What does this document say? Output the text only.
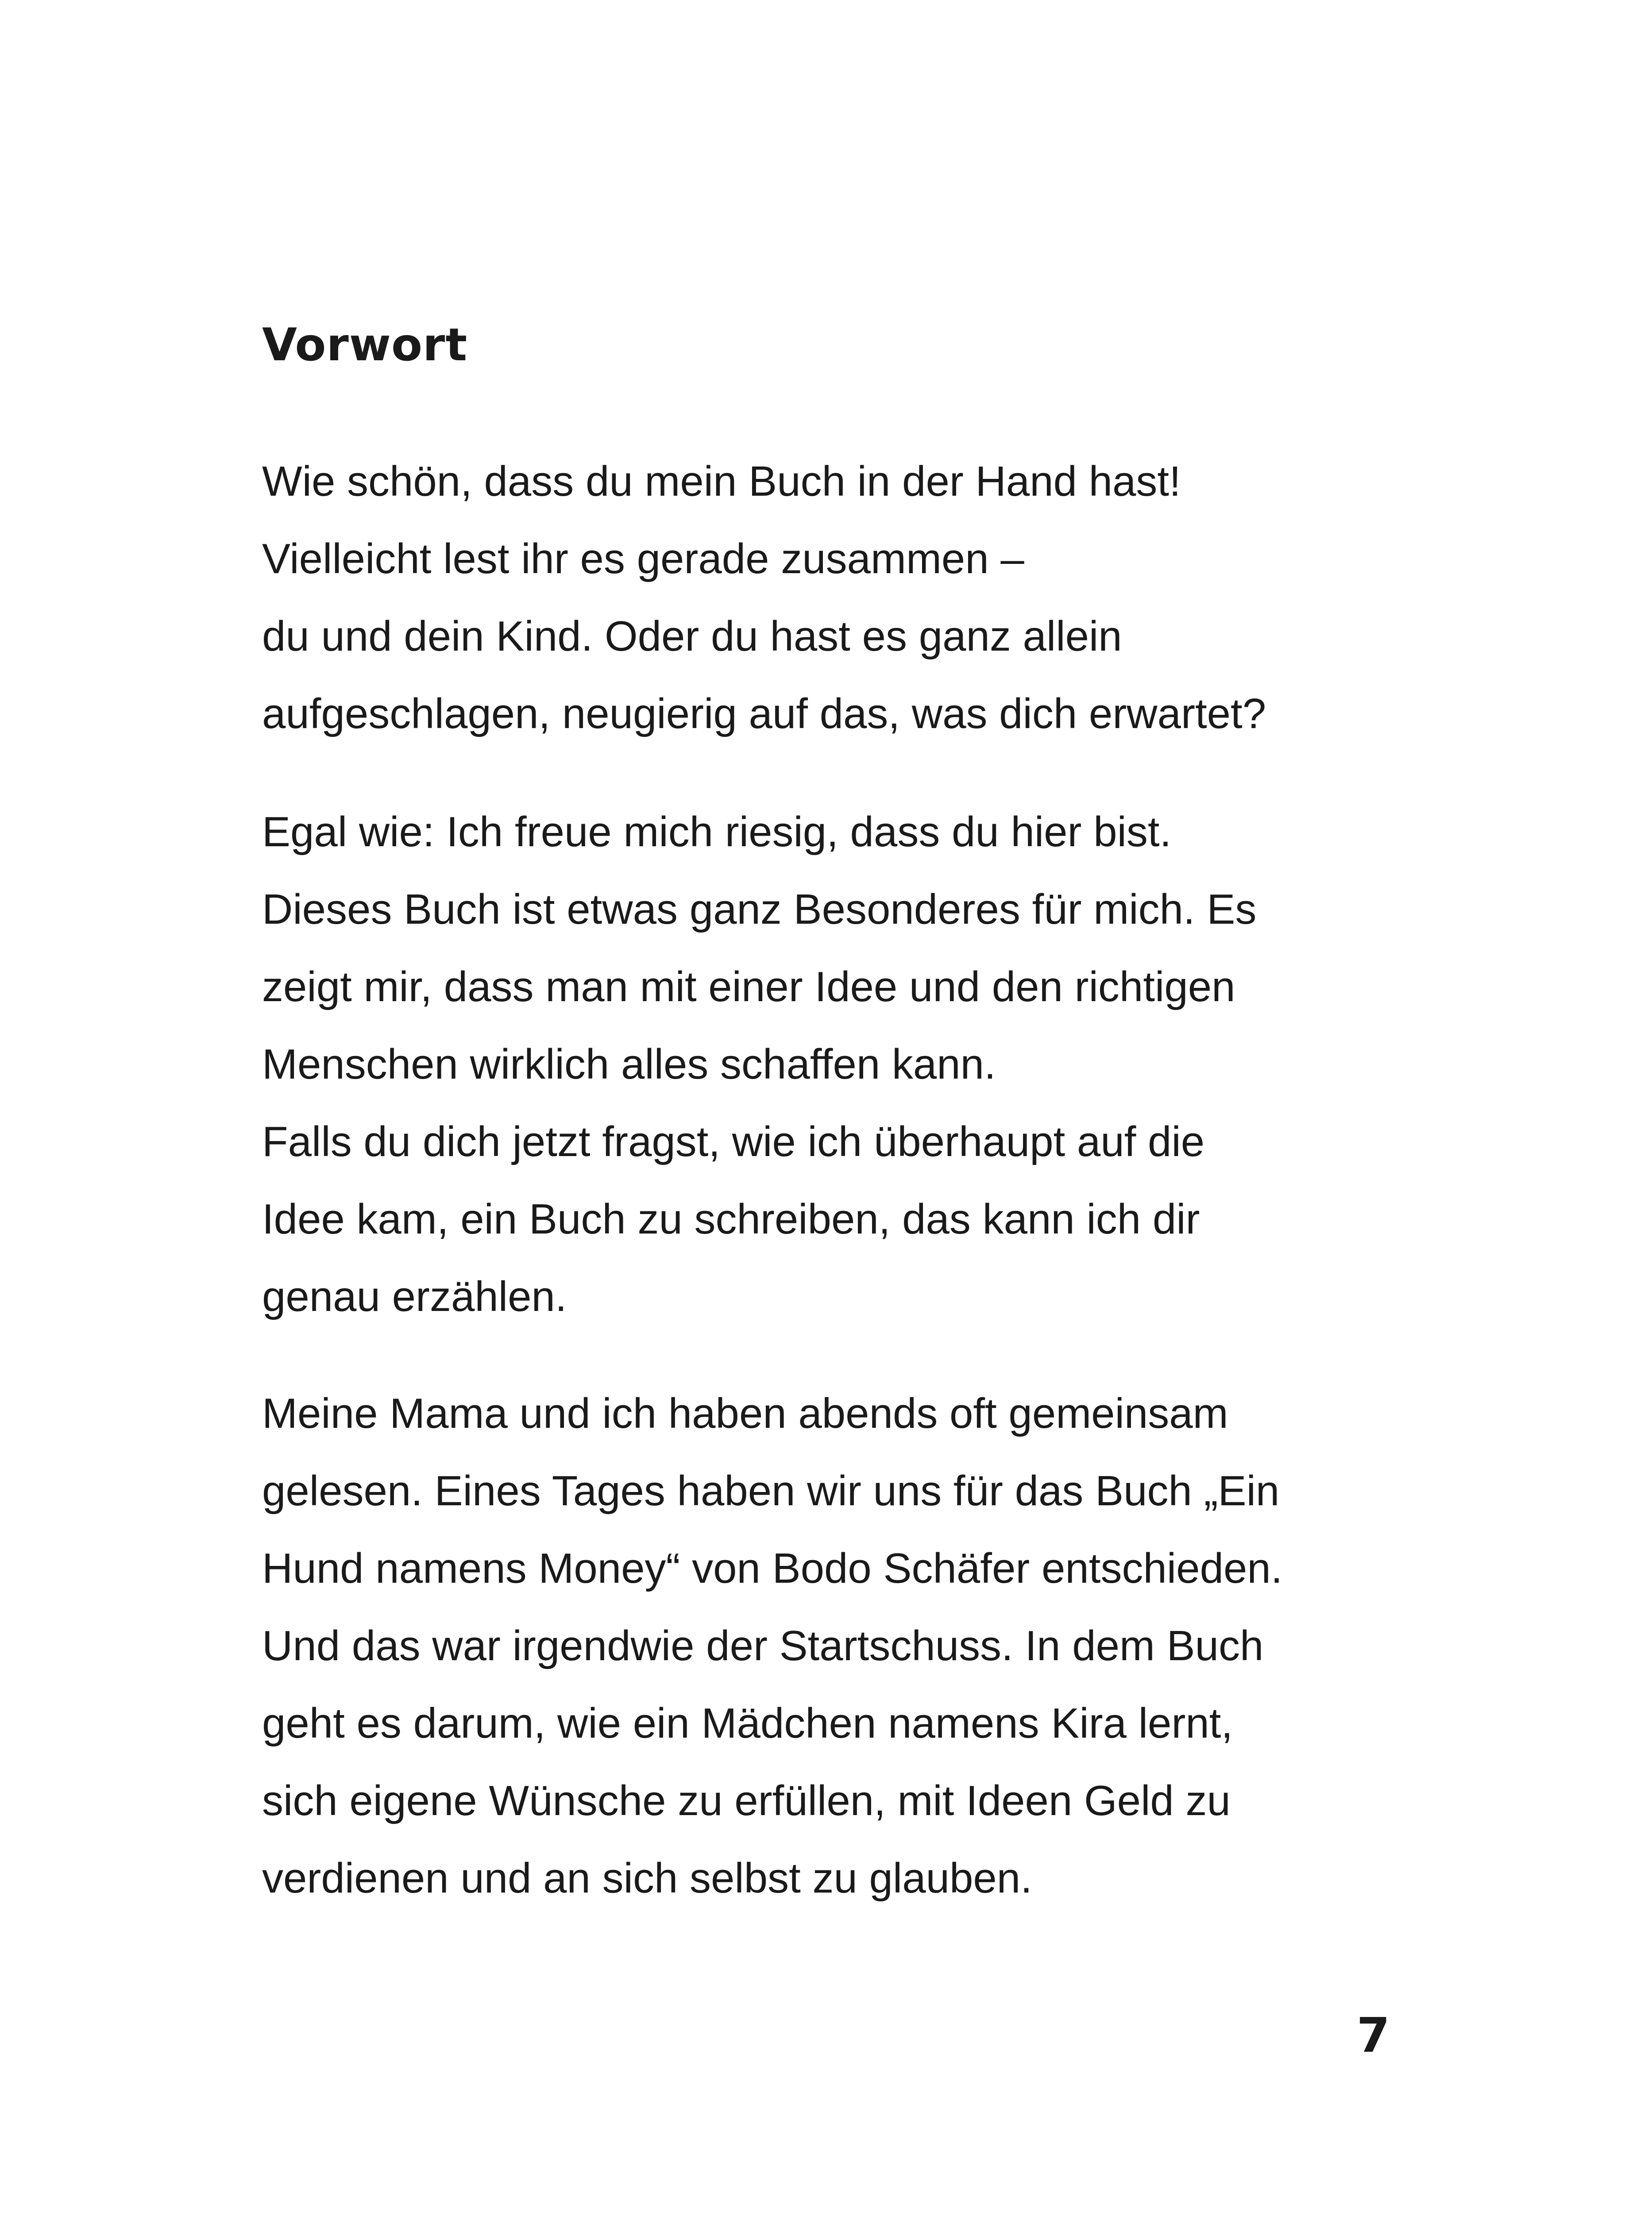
Vorwort
Wie schön, dass du mein Buch in der Hand hast!
Vielleicht lest ihr es gerade zusammen –
du und dein Kind. Oder du hast es ganz allein
aufgeschlagen, neugierig auf das, was dich erwartet?
Egal wie: Ich freue mich riesig, dass du hier bist.
Dieses Buch ist etwas ganz Besonderes für mich. Es
zeigt mir, dass man mit einer Idee und den richtigen
Menschen wirklich alles schaffen kann.
Falls du dich jetzt fragst, wie ich überhaupt auf die
Idee kam, ein Buch zu schreiben, das kann ich dir
genau erzählen.
Meine Mama und ich haben abends oft gemeinsam
gelesen. Eines Tages haben wir uns für das Buch „Ein
Hund namens Money“ von Bodo Schäfer entschieden.
Und das war irgendwie der Startschuss. In dem Buch
geht es darum, wie ein Mädchen namens Kira lernt,
sich eigene Wünsche zu erfüllen, mit Ideen Geld zu
verdienen und an sich selbst zu glauben.
7
